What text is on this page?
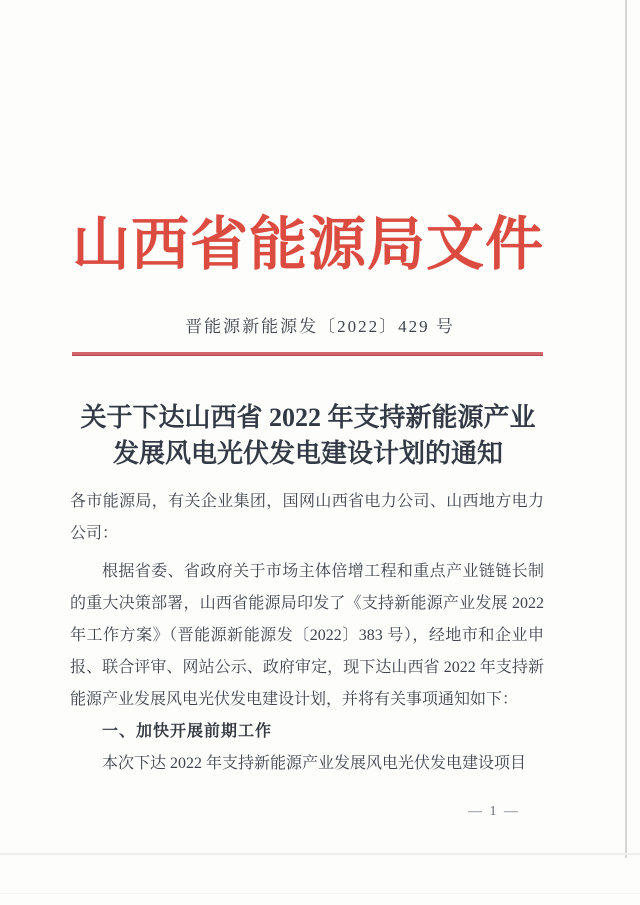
山西省能源局文件
晋能源新能源发〔2022〕429 号
关于下达山西省 2022 年支持新能源产业
发展风电光伏发电建设计划的通知

各市能源局，有关企业集团，国网山西省电力公司、山西地方电力公司：

根据省委、省政府关于市场主体倍增工程和重点产业链链长制的重大决策部署，山西省能源局印发了《支持新能源产业发展 2022 年工作方案》（晋能源新能源发〔2022〕383 号），经地市和企业申报、联合评审、网站公示、政府审定，现下达山西省 2022 年支持新能源产业发展风电光伏发电建设计划，并将有关事项通知如下：

一、加快开展前期工作

本次下达 2022 年支持新能源产业发展风电光伏发电建设项目

— 1 —
